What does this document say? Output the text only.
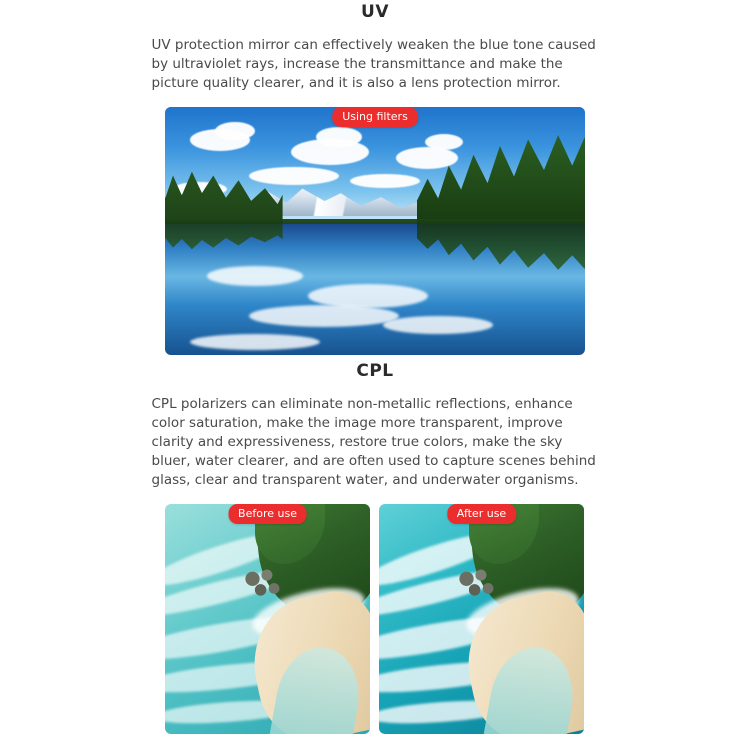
UV

UV protection mirror can effectively weaken the blue tone caused by ultraviolet rays, increase the transmittance and make the picture quality clearer, and it is also a lens protection mirror.

Using filters
CPL

CPL polarizers can eliminate non-metallic reflections, enhance color saturation, make the image more transparent, improve clarity and expressiveness, restore true colors, make the sky bluer, water clearer, and are often used to capture scenes behind glass, clear and transparent water, and underwater organisms.

Before use	After use
